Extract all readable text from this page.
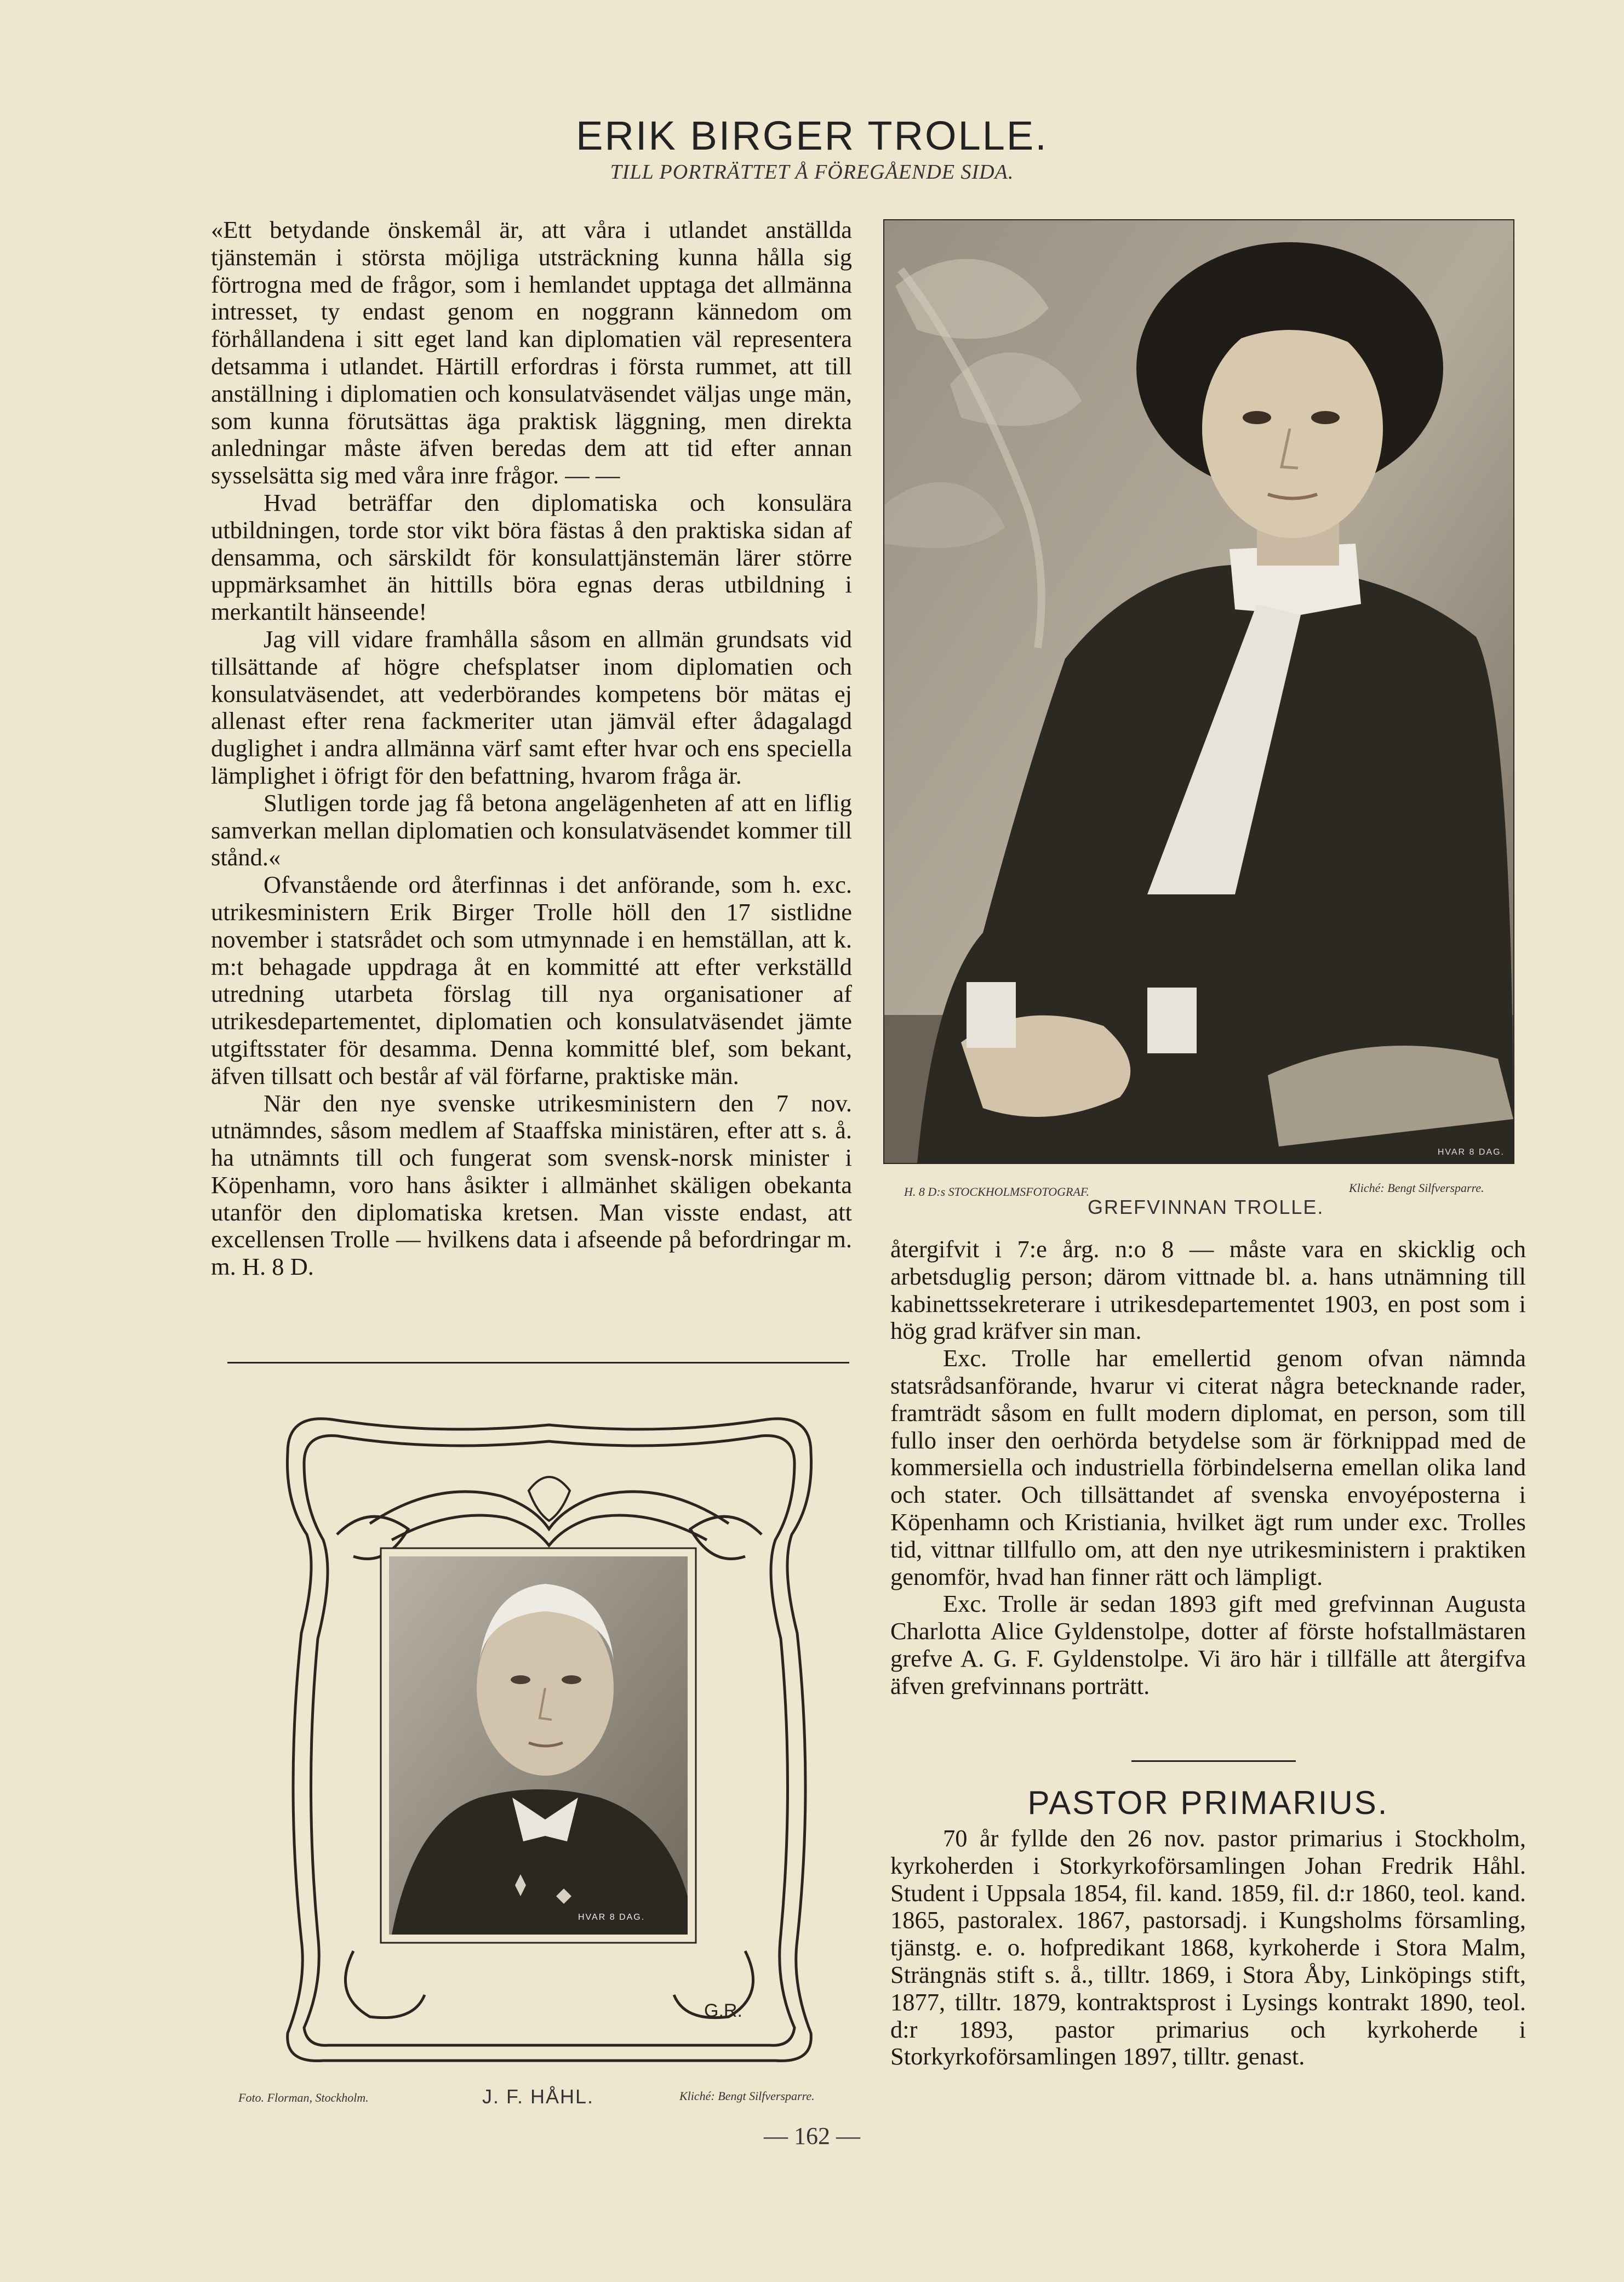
ERIK BIRGER TROLLE.
TILL PORTRÄTTET Å FÖREGÅENDE SIDA.

«Ett betydande önskemål är, att våra i utlandet anställda tjänstemän i största möjliga utsträckning kunna hålla sig förtrogna med de frågor, som i hemlandet upptaga det allmänna intresset, ty endast genom en noggrann kännedom om förhållandena i sitt eget land kan diplomatien väl representera detsamma i utlandet. Härtill erfordras i första rummet, att till anställning i diplomatien och konsulatväsendet väljas unge män, som kunna förutsättas äga praktisk läggning, men direkta anledningar måste äfven beredas dem att tid efter annan sysselsätta sig med våra inre frågor. — —

Hvad beträffar den diplomatiska och konsulära utbildningen, torde stor vikt böra fästas å den praktiska sidan af densamma, och särskildt för konsulattjänstemän lärer större uppmärksamhet än hittills böra egnas deras utbildning i merkantilt hänseende!

Jag vill vidare framhålla såsom en allmän grundsats vid tillsättande af högre chefsplatser inom diplomatien och konsulatväsendet, att vederbörandes kompetens bör mätas ej allenast efter rena fackmeriter utan jämväl efter ådagalagd duglighet i andra allmänna värf samt efter hvar och ens speciella lämplighet i öfrigt för den befattning, hvarom fråga är.

Slutligen torde jag få betona angelägenheten af att en liflig samverkan mellan diplomatien och konsulatväsendet kommer till stånd.«

Ofvanstående ord återfinnas i det anförande, som h. exc. utrikesministern Erik Birger Trolle höll den 17 sistlidne november i statsrådet och som utmynnade i en hemställan, att k. m:t behagade uppdraga åt en kommitté att efter verkställd utredning utarbeta förslag till nya organisationer af utrikesdepartementet, diplomatien och konsulatväsendet jämte utgiftsstater för desamma. Denna kommitté blef, som bekant, äfven tillsatt och består af väl förfarne, praktiske män.

När den nye svenske utrikesministern den 7 nov. utnämndes, såsom medlem af Staaffska ministären, efter att s. å. ha utnämnts till och fungerat som svensk-norsk minister i Köpenhamn, voro hans åsikter i allmänhet skäligen obekanta utanför den diplomatiska kretsen. Man visste endast, att excellensen Trolle — hvilkens data i afseende på befordringar m. m. H. 8 D.

HVAR 8 DAG.
H. 8 D:s STOCKHOLMSFOTOGRAF.	Kliché: Bengt Silfversparre.
GREFVINNAN TROLLE.

återgifvit i 7:e årg. n:o 8 — måste vara en skicklig och arbetsduglig person; därom vittnade bl. a. hans utnämning till kabinettssekreterare i utrikesdepartementet 1903, en post som i hög grad kräfver sin man.

Exc. Trolle har emellertid genom ofvan nämnda statsrådsanförande, hvarur vi citerat några betecknande rader, framträdt såsom en fullt modern diplomat, en person, som till fullo inser den oerhörda betydelse som är förknippad med de kommersiella och industriella förbindelserna emellan olika land och stater. Och tillsättandet af svenska envoyéposterna i Köpenhamn och Kristiania, hvilket ägt rum under exc. Trolles tid, vittnar tillfullo om, att den nye utrikesministern i praktiken genomför, hvad han finner rätt och lämpligt.

Exc. Trolle är sedan 1893 gift med grefvinnan Augusta Charlotta Alice Gyldenstolpe, dotter af förste hofstallmästaren grefve A. G. F. Gyldenstolpe. Vi äro här i tillfälle att återgifva äfven grefvinnans porträtt.

PASTOR PRIMARIUS.

70 år fyllde den 26 nov. pastor primarius i Stockholm, kyrkoherden i Storkyrkoförsamlingen Johan Fredrik Håhl. Student i Uppsala 1854, fil. kand. 1859, fil. d:r 1860, teol. kand. 1865, pastoralex. 1867, pastorsadj. i Kungsholms församling, tjänstg. e. o. hofpredikant 1868, kyrkoherde i Stora Malm, Strängnäs stift s. å., tilltr. 1869, i Stora Åby, Linköpings stift, 1877, tilltr. 1879, kontraktsprost i Lysings kontrakt 1890, teol. d:r 1893, pastor primarius och kyrkoherde i Storkyrkoförsamlingen 1897, tilltr. genast.

HVAR 8 DAG.
G.R.
Foto. Florman, Stockholm.	J. F. HÅHL.	Kliché: Bengt Silfversparre.
— 162 —
